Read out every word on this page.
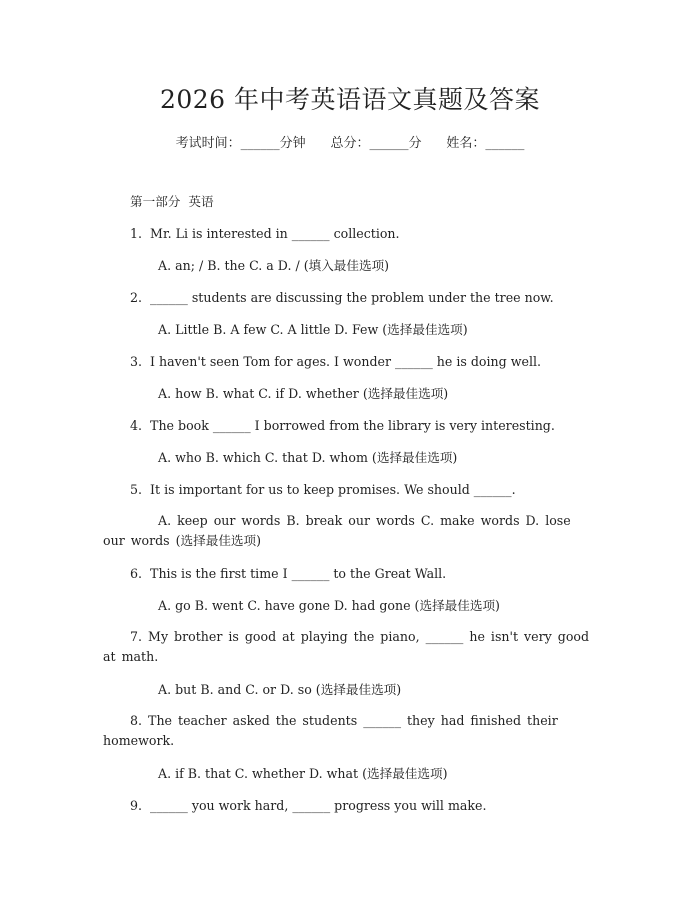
2026 年中考英语语文真题及答案
考试时间：______分钟 总分：______分 姓名：______
第一部分  英语
1. Mr. Li is interested in ______ collection.
A. an; / B. the C. a D. / (填入最佳选项)
2. ______ students are discussing the problem under the tree now.
A. Little B. A few C. A little D. Few (选择最佳选项)
3. I haven't seen Tom for ages. I wonder ______ he is doing well.
A. how B. what C. if D. whether (选择最佳选项)
4. The book ______ I borrowed from the library is very interesting.
A. who B. which C. that D. whom (选择最佳选项)
5. It is important for us to keep promises. We should ______.
A. keep our words B. break our words C. make words D. lose our words (选择最佳选项)
6. This is the first time I ______ to the Great Wall.
A. go B. went C. have gone D. had gone (选择最佳选项)
7. My brother is good at playing the piano, ______ he isn't very good at math.
A. but B. and C. or D. so (选择最佳选项)
8. The teacher asked the students ______ they had finished their homework.
A. if B. that C. whether D. what (选择最佳选项)
9. ______ you work hard, ______ progress you will make.
